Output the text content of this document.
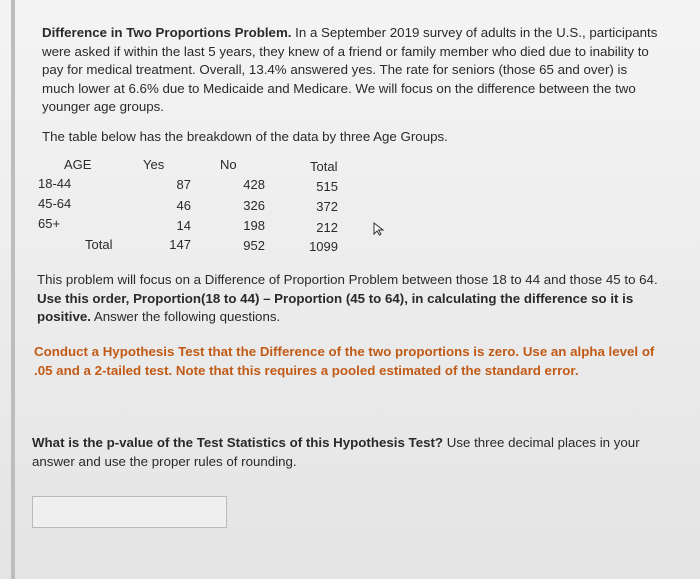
Difference in Two Proportions Problem. In a September 2019 survey of adults in the U.S., participants were asked if within the last 5 years, they knew of a friend or family member who died due to inability to pay for medical treatment. Overall, 13.4% answered yes. The rate for seniors (those 65 and over) is much lower at 6.6% due to Medicaide and Medicare. We will focus on the difference between the two younger age groups.
The table below has the breakdown of the data by three Age Groups.
AGE	Yes	No	Total
18-44	87	428	515
45-64	46	326	372
65+	14	198	212
Total	147	952	1099
This problem will focus on a Difference of Proportion Problem between those 18 to 44 and those 45 to 64. Use this order, Proportion(18 to 44) – Proportion (45 to 64), in calculating the difference so it is positive. Answer the following questions.
Conduct a Hypothesis Test that the Difference of the two proportions is zero. Use an alpha level of .05 and a 2-tailed test. Note that this requires a pooled estimated of the standard error.
What is the p-value of the Test Statistics of this Hypothesis Test? Use three decimal places in your answer and use the proper rules of rounding.
